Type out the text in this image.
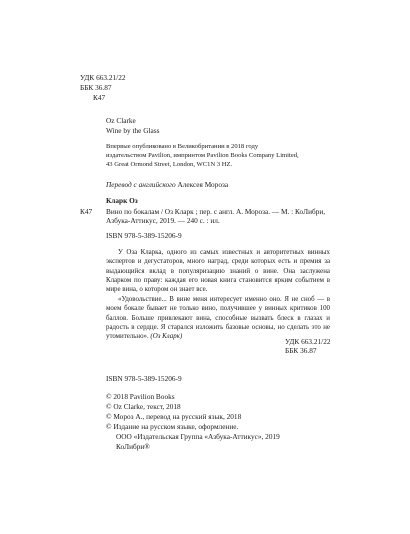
УДК 663.21/22
ББК 36.87
К47
Oz Clarke
Wine by the Glass
Впервые опубликовано в Великобритании в 2018 году
издательством Pavilion, импринтом Pavilion Books Company Limited,
43 Great Ormond Street, London, WC1N 3 HZ.
Перевод с английского Алексея Мороза
Кларк Оз
К47 Вино по бокалам / Оз Кларк ; пер. с англ. А. Мороза. — М. : КоЛибри,
Азбука-Аттикус, 2019. — 240 с. : ил.
ISBN 978-5-389-15206-9
У Оза Кларка, одного из самых известных и авторитетных винных экспертов и дегустаторов, много наград, среди которых есть и премия за выдающийся вклад в популяризацию знаний о вине. Она заслужена Кларком по праву: каждая его новая книга становится ярким событием в мире вина, о котором он знает все.
«Удовольствие... В вине меня интересует именно оно. Я не сноб — в моем бокале бывает не только вино, получившее у винных критиков 100 баллов. Больше привлекают вина, способные вызвать блеск в глазах и радость в сердце. Я старался изложить базовые основы, но сделать это не утомительно». (Оз Кларк)
УДК 663.21/22
ББК 36.87
ISBN 978-5-389-15206-9
© 2018 Pavilion Books
© Oz Clarke, текст, 2018
© Мороз А., перевод на русский язык, 2018
© Издание на русском языке, оформление.
ООО «Издательская Группа «Азбука-Аттикус», 2019
КоЛибри®
